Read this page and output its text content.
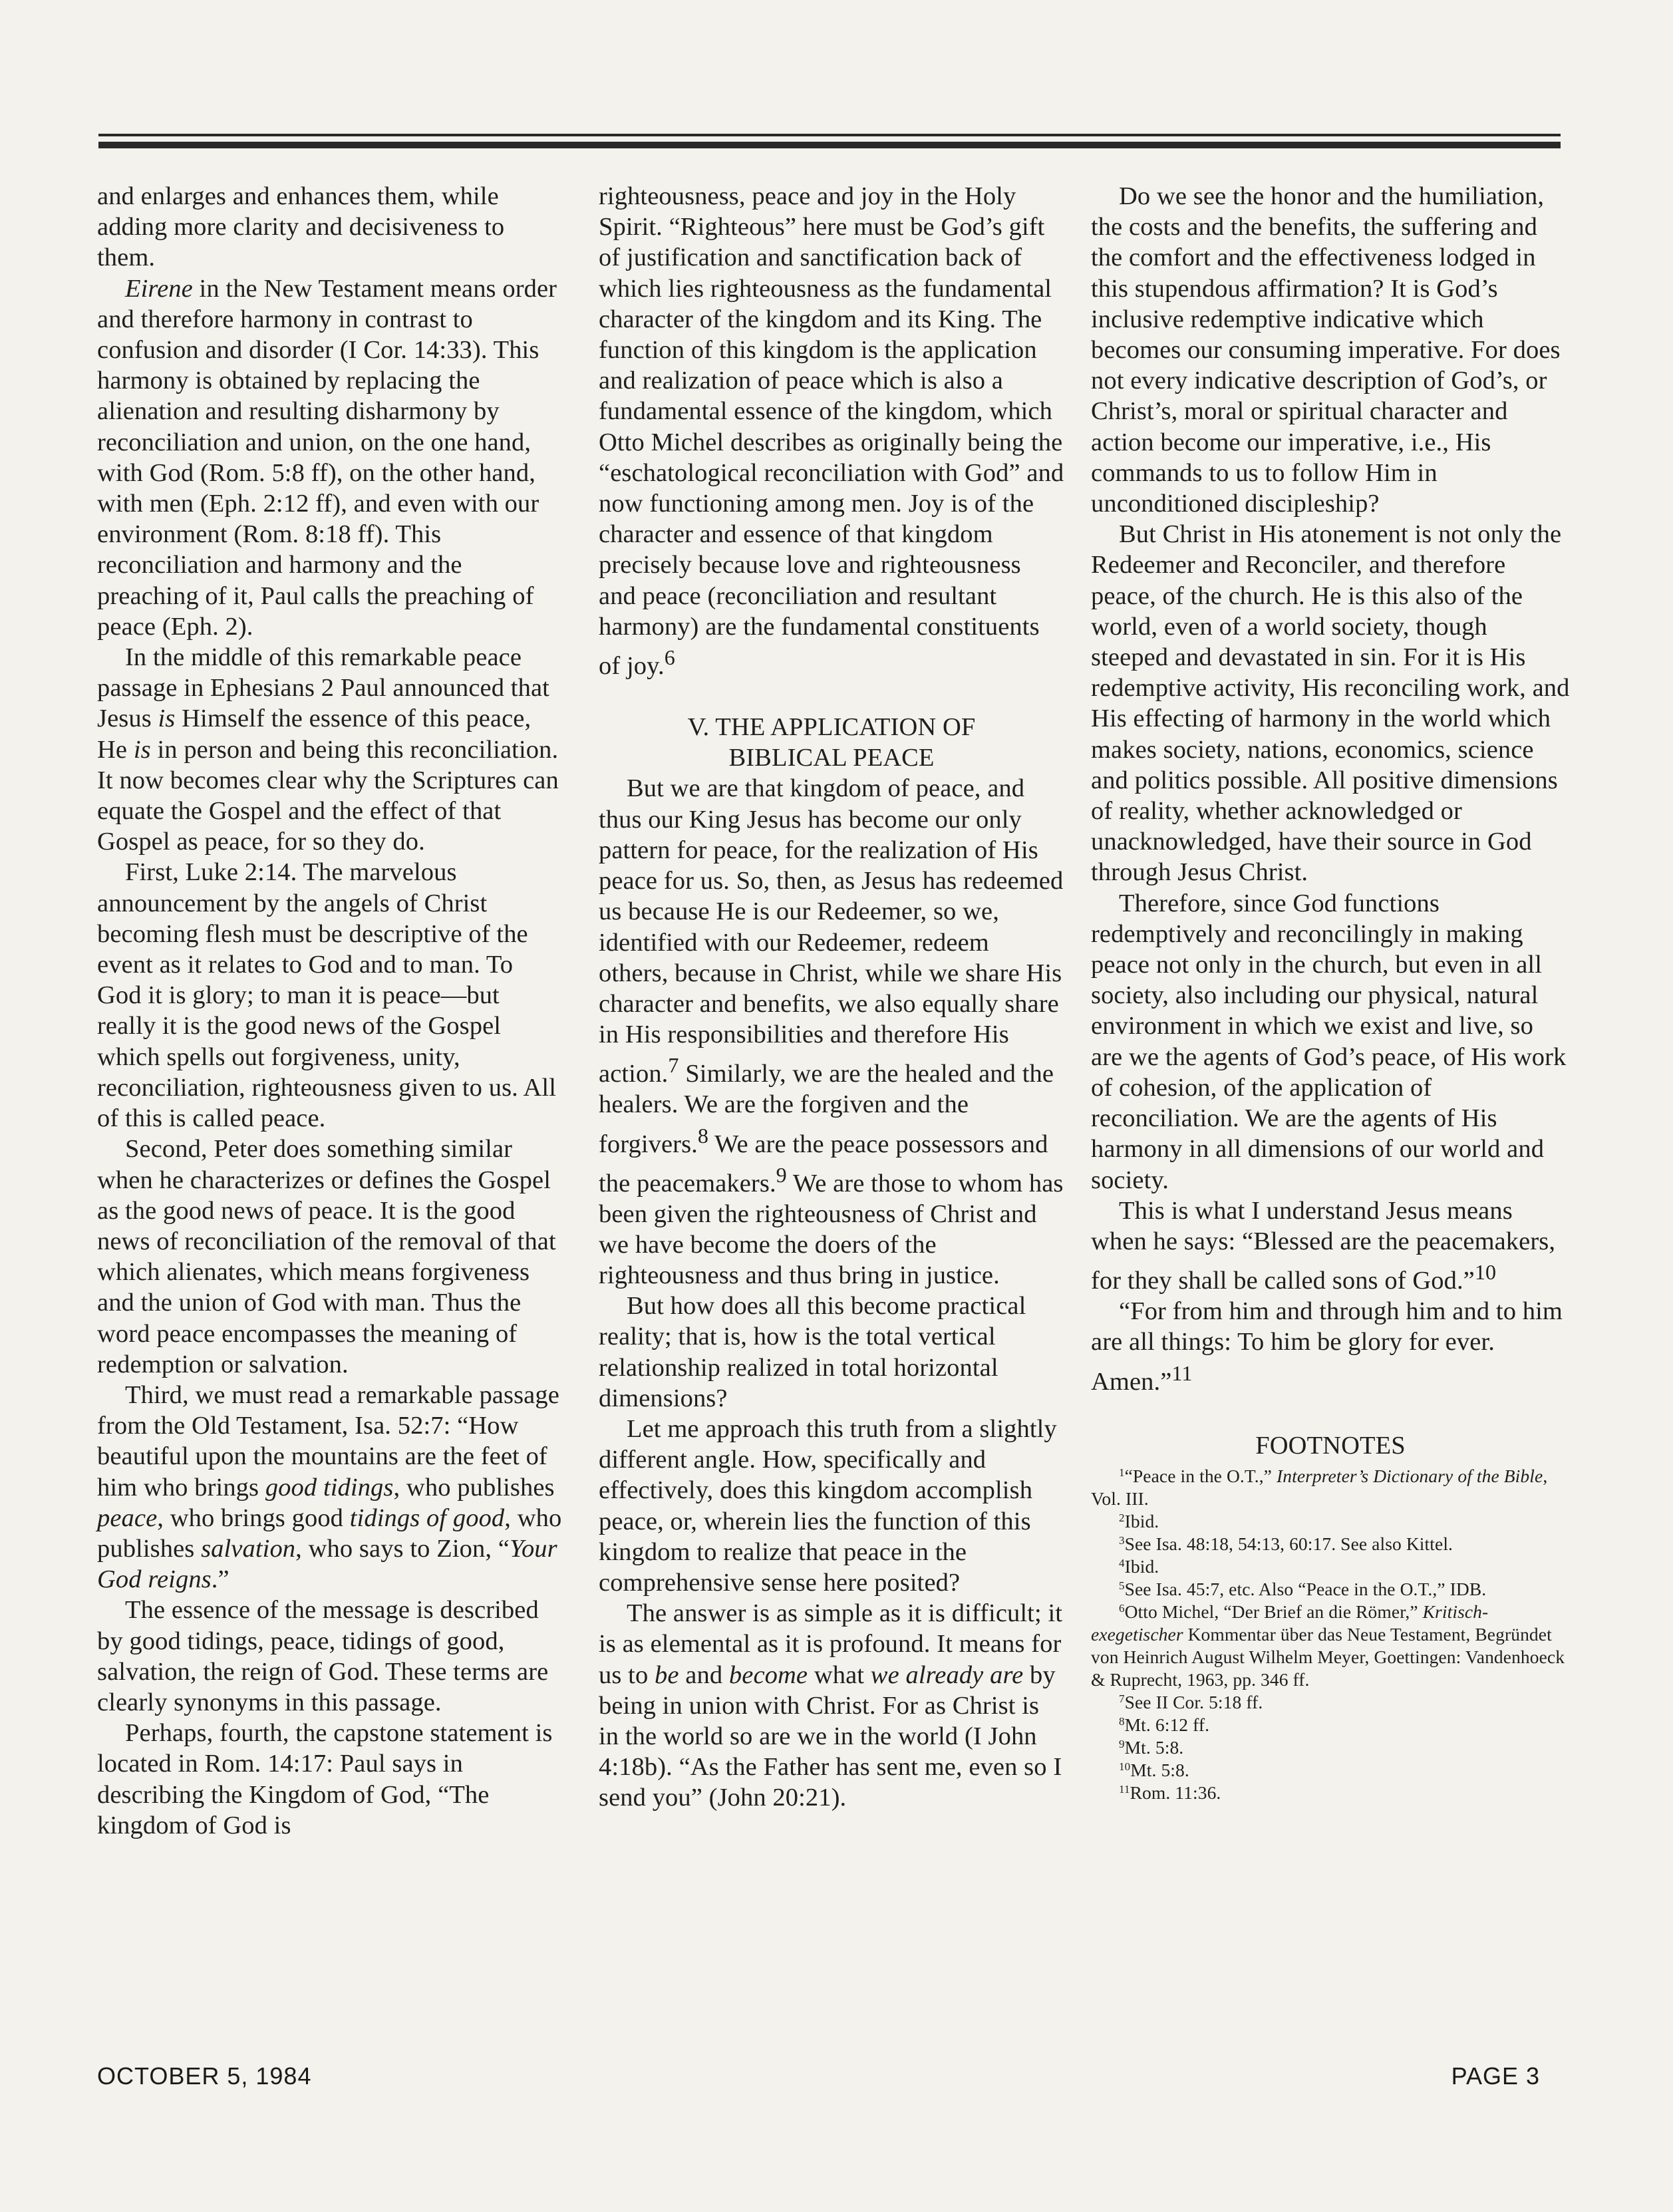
and enlarges and enhances them, while adding more clarity and decisiveness to them.

Eirene in the New Testament means order and therefore harmony in contrast to confusion and disorder (I Cor. 14:33). This harmony is obtained by replacing the alienation and resulting disharmony by reconciliation and union, on the one hand, with God (Rom. 5:8 ff), on the other hand, with men (Eph. 2:12 ff), and even with our environment (Rom. 8:18 ff). This reconciliation and harmony and the preaching of it, Paul calls the preaching of peace (Eph. 2).

In the middle of this remarkable peace passage in Ephesians 2 Paul announced that Jesus is Himself the essence of this peace, He is in person and being this reconciliation. It now becomes clear why the Scriptures can equate the Gospel and the effect of that Gospel as peace, for so they do.

First, Luke 2:14. The marvelous announcement by the angels of Christ becoming flesh must be descriptive of the event as it relates to God and to man. To God it is glory; to man it is peace—but really it is the good news of the Gospel which spells out forgiveness, unity, reconciliation, righteousness given to us. All of this is called peace.

Second, Peter does something similar when he characterizes or defines the Gospel as the good news of peace. It is the good news of reconciliation of the removal of that which alienates, which means forgiveness and the union of God with man. Thus the word peace encompasses the meaning of redemption or salvation.

Third, we must read a remarkable passage from the Old Testament, Isa. 52:7: “How beautiful upon the mountains are the feet of him who brings good tidings, who publishes peace, who brings good tidings of good, who publishes salvation, who says to Zion, “Your God reigns.”

The essence of the message is described by good tidings, peace, tidings of good, salvation, the reign of God. These terms are clearly synonyms in this passage.

Perhaps, fourth, the capstone statement is located in Rom. 14:17: Paul says in describing the Kingdom of God, “The kingdom of God is

righteousness, peace and joy in the Holy Spirit. “Righteous” here must be God’s gift of justification and sanctification back of which lies righteousness as the fundamental character of the kingdom and its King. The function of this kingdom is the application and realization of peace which is also a fundamental essence of the kingdom, which Otto Michel describes as originally being the “eschatological reconciliation with God” and now functioning among men. Joy is of the character and essence of that kingdom precisely because love and righteousness and peace (reconciliation and resultant harmony) are the fundamental constituents of joy.$^6$

V. THE APPLICATION OF
BIBLICAL PEACE

But we are that kingdom of peace, and thus our King Jesus has become our only pattern for peace, for the realization of His peace for us. So, then, as Jesus has redeemed us because He is our Redeemer, so we, identified with our Redeemer, redeem others, because in Christ, while we share His character and benefits, we also equally share in His responsibilities and therefore His action.$^7$ Similarly, we are the healed and the healers. We are the forgiven and the forgivers.$^8$ We are the peace possessors and the peacemakers.$^9$ We are those to whom has been given the righteousness of Christ and we have become the doers of the righteousness and thus bring in justice.

But how does all this become practical reality; that is, how is the total vertical relationship realized in total horizontal dimensions?

Let me approach this truth from a slightly different angle. How, specifically and effectively, does this kingdom accomplish peace, or, wherein lies the function of this kingdom to realize that peace in the comprehensive sense here posited?

The answer is as simple as it is difficult; it is as elemental as it is profound. It means for us to be and become what we already are by being in union with Christ. For as Christ is in the world so are we in the world (I John 4:18b). “As the Father has sent me, even so I send you” (John 20:21).

Do we see the honor and the humiliation, the costs and the benefits, the suffering and the comfort and the effectiveness lodged in this stupendous affirmation? It is God’s inclusive redemptive indicative which becomes our consuming imperative. For does not every indicative description of God’s, or Christ’s, moral or spiritual character and action become our imperative, i.e., His commands to us to follow Him in unconditioned discipleship?

But Christ in His atonement is not only the Redeemer and Reconciler, and therefore peace, of the church. He is this also of the world, even of a world society, though steeped and devastated in sin. For it is His redemptive activity, His reconciling work, and His effecting of harmony in the world which makes society, nations, economics, science and politics possible. All positive dimensions of reality, whether acknowledged or unacknowledged, have their source in God through Jesus Christ.

Therefore, since God functions redemptively and reconcilingly in making peace not only in the church, but even in all society, also including our physical, natural environment in which we exist and live, so are we the agents of God’s peace, of His work of cohesion, of the application of reconciliation. We are the agents of His harmony in all dimensions of our world and society.

This is what I understand Jesus means when he says: “Blessed are the peacemakers, for they shall be called sons of God.”$^{10}$

“For from him and through him and to him are all things: To him be glory for ever. Amen.”$^{11}$

FOOTNOTES

$^1$“Peace in the O.T.,” Interpreter’s Dictionary of the Bible, Vol. III.

$^2$Ibid.

$^3$See Isa. 48:18, 54:13, 60:17. See also Kittel.

$^4$Ibid.

$^5$See Isa. 45:7, etc. Also “Peace in the O.T.,” IDB.

$^6$Otto Michel, “Der Brief an die Römer,” Kritisch-exegetischer Kommentar über das Neue Testament, Begründet von Heinrich August Wilhelm Meyer, Goettingen: Vandenhoeck & Ruprecht, 1963, pp. 346 ff.

$^7$See II Cor. 5:18 ff.

$^8$Mt. 6:12 ff.

$^9$Mt. 5:8.

$^{10}$Mt. 5:8.

$^{11}$Rom. 11:36.

OCTOBER 5, 1984	PAGE 3
